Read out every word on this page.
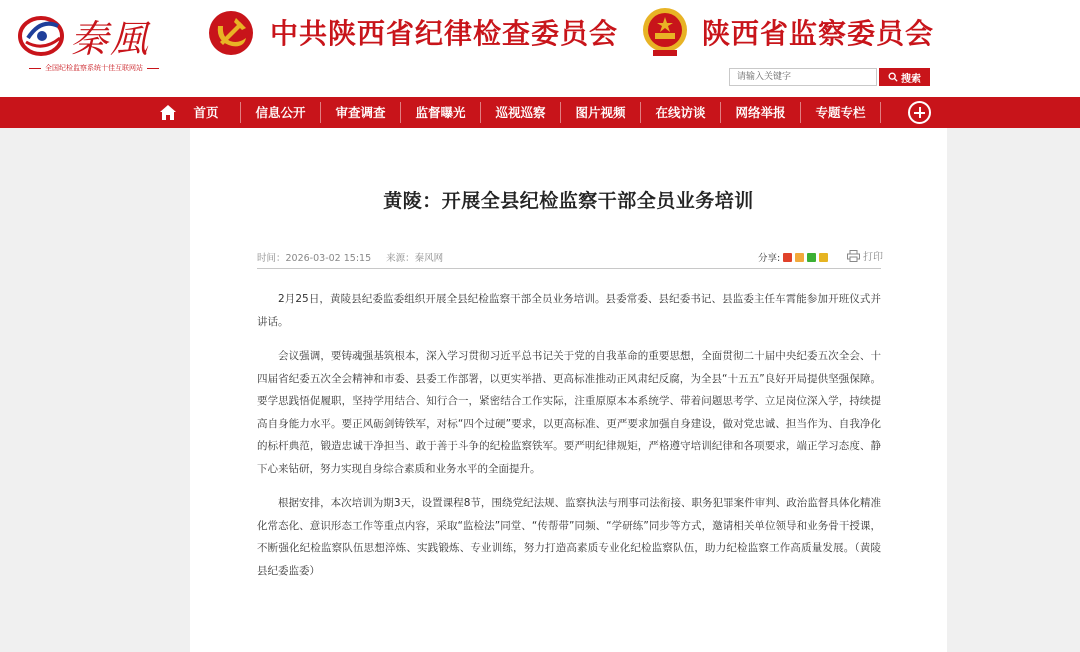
秦風
全国纪检监察系统十佳互联网站
中共陕西省纪律检查委员会	陕西省监察委员会
请输入关键字
搜索
首页	信息公开	审查调查	监督曝光	巡视巡察	图片视频	在线访谈	网络举报	专题专栏
黄陵：开展全县纪检监察干部全员业务培训
时间：2026-03-02 15:15 来源：秦风网	分享:	打印

2月25日，黄陵县纪委监委组织开展全县纪检监察干部全员业务培训。县委常委、县纪委书记、县监委主任车霄能参加开班仪式并讲话。

会议强调，要铸魂强基筑根本，深入学习贯彻习近平总书记关于党的自我革命的重要思想，全面贯彻二十届中央纪委五次全会、十四届省纪委五次全会精神和市委、县委工作部署，以更实举措、更高标准推动正风肃纪反腐，为全县“十五五”良好开局提供坚强保障。要学思践悟促履职，坚持学用结合、知行合一，紧密结合工作实际，注重原原本本系统学、带着问题思考学、立足岗位深入学，持续提高自身能力水平。要正风砺剑铸铁军，对标“四个过硬”要求，以更高标准、更严要求加强自身建设，做对党忠诚、担当作为、自我净化的标杆典范，锻造忠诚干净担当、敢于善于斗争的纪检监察铁军。要严明纪律规矩，严格遵守培训纪律和各项要求，端正学习态度、静下心来钻研，努力实现自身综合素质和业务水平的全面提升。

根据安排，本次培训为期3天，设置课程8节，围绕党纪法规、监察执法与刑事司法衔接、职务犯罪案件审判、政治监督具体化精准化常态化、意识形态工作等重点内容，采取“监检法”同堂、“传帮带”同频、“学研练”同步等方式，邀请相关单位领导和业务骨干授课，不断强化纪检监察队伍思想淬炼、实践锻炼、专业训练，努力打造高素质专业化纪检监察队伍，助力纪检监察工作高质量发展。（黄陵县纪委监委）
